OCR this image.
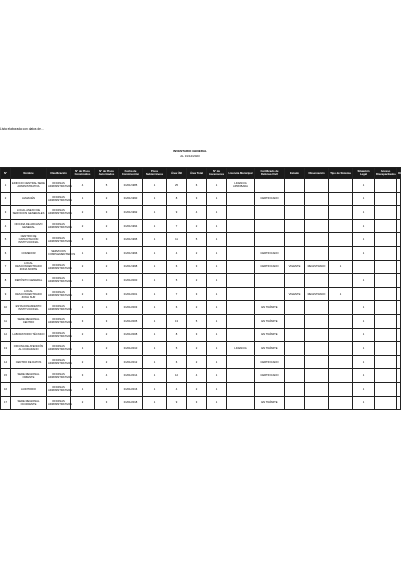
Lista elaborada con datos de...
INVENTARIO GENERAL
AL 31/12/2023
N°	Nombre	Clasificación	N° de Pisos Construidos	N° de Pisos Autorizados	Fecha de Construcción	Pisos Subterráneos	Área Útil	Área Total	N° de Ascensores	Licencia Municipal	Certificado de Defensa Civil	Estado	Observación	Tipo de Sistema	Situación Legal	Acceso Discapacitados	Otros
1	EDIFICIO CENTRAL SEDE ADMINISTRATIVA	OFICINAS ADMINISTRATIVAS	4	5	01/01/1985	1	25	6	1	LICENCIA APROBADA					1		
2	ALMACÉN	OFICINAS ADMINISTRATIVAS	1	2	01/01/1990	1	8	3	1		CERTIFICADO				1		
3	LOCAL ANEXO DE SERVICIOS GENERALES	OFICINAS ADMINISTRATIVAS	2	3	01/01/1992	1	9	4	1						1		
4	OFICINA DE ARCHIVO GENERAL	OFICINAS ADMINISTRATIVAS	2	2	01/01/1994	1	7	2	1						1		
5	CENTRO DE CAPACITACIÓN INSTITUCIONAL	OFICINAS ADMINISTRATIVAS	3	3	01/01/1995	1	11	5	1						1		
6	COMEDOR	SERVICIOS COMPLEMENTARIOS	1	1	01/01/1996	1	4	2	1		CERTIFICADO				1		
7	LOCAL DESCONCENTRADO ZONA NORTE	OFICINAS ADMINISTRATIVAS	2	2	01/01/1998	1	6	3	1		CERTIFICADO	VIGENTE	REGISTRADO	1			
8	DEPÓSITO GENERAL	OFICINAS ADMINISTRATIVAS	1	1	01/01/2000	1	5	2	1						1		
9	LOCAL DESCONCENTRADO ZONA SUR	OFICINAS ADMINISTRATIVAS	2	3	01/01/2001	1	7	3	1			VIGENTE	REGISTRADO	1			
10	ESTACIONAMIENTO INSTITUCIONAL	OFICINAS ADMINISTRATIVAS	1	1	01/01/2003	1	6	2	1		EN TRÁMITE				1		
11	SEDE REGIONAL CENTRO	OFICINAS ADMINISTRATIVAS	3	3	01/01/2005	1	13	5	1		EN TRÁMITE				1		
12	LABORATORIO TÉCNICO	OFICINAS ADMINISTRATIVAS	2	2	01/01/2008	1	8	3	1		EN TRÁMITE				1		
13	OFICINA DE ATENCIÓN AL CIUDADANO	OFICINAS ADMINISTRATIVAS	1	2	01/01/2010	1	5	2	1	LICENCIA	EN TRÁMITE				1		
14	CENTRO DE DATOS	OFICINAS ADMINISTRATIVAS	2	2	01/01/2012	1	6	2	1		CERTIFICADO				1		
15	SEDE REGIONAL ORIENTE	OFICINAS ADMINISTRATIVAS	3	4	01/01/2014	1	12	4	1		CERTIFICADO				1		
16	AUDITORIO	OFICINAS ADMINISTRATIVAS	1	1	01/01/2016	1	4	2	1						1		
17	SEDE REGIONAL OCCIDENTE	OFICINAS ADMINISTRATIVAS	2	3	01/01/2018	1	9	3	1		EN TRÁMITE				1		
